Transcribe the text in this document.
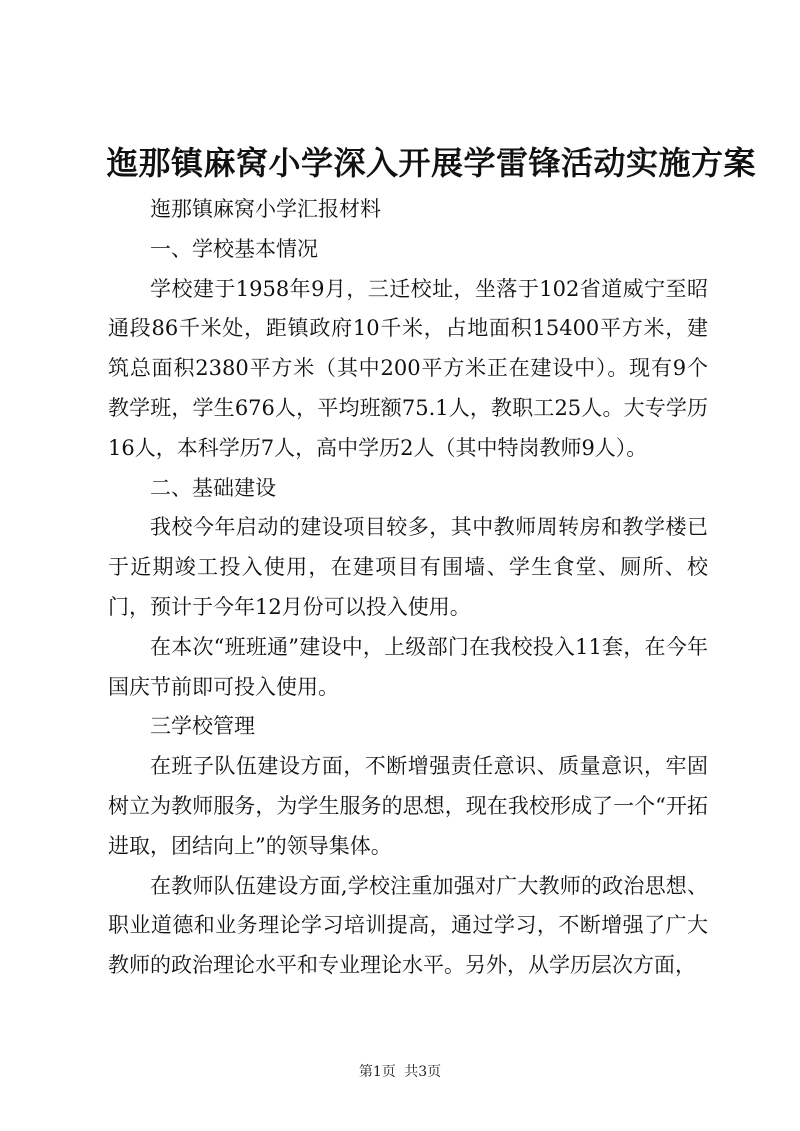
迤那镇麻窝小学深入开展学雷锋活动实施方案

迤那镇麻窝小学汇报材料

一、学校基本情况

学校建于1958年9月，三迁校址，坐落于102省道威宁至昭通段86千米处，距镇政府10千米，占地面积15400平方米，建筑总面积2380平方米（其中200平方米正在建设中）。现有9个教学班，学生676人，平均班额75.1人，教职工25人。大专学历16人，本科学历7人，高中学历2人（其中特岗教师9人）。

二、基础建设

我校今年启动的建设项目较多，其中教师周转房和教学楼已于近期竣工投入使用，在建项目有围墙、学生食堂、厕所、校门，预计于今年12月份可以投入使用。

在本次“班班通”建设中，上级部门在我校投入11套，在今年国庆节前即可投入使用。

三学校管理

在班子队伍建设方面，不断增强责任意识、质量意识，牢固树立为教师服务，为学生服务的思想，现在我校形成了一个“开拓进取，团结向上”的领导集体。

在教师队伍建设方面,学校注重加强对广大教师的政治思想、职业道德和业务理论学习培训提高，通过学习，不断增强了广大教师的政治理论水平和专业理论水平。另外，从学历层次方面，

第1页 共3页
